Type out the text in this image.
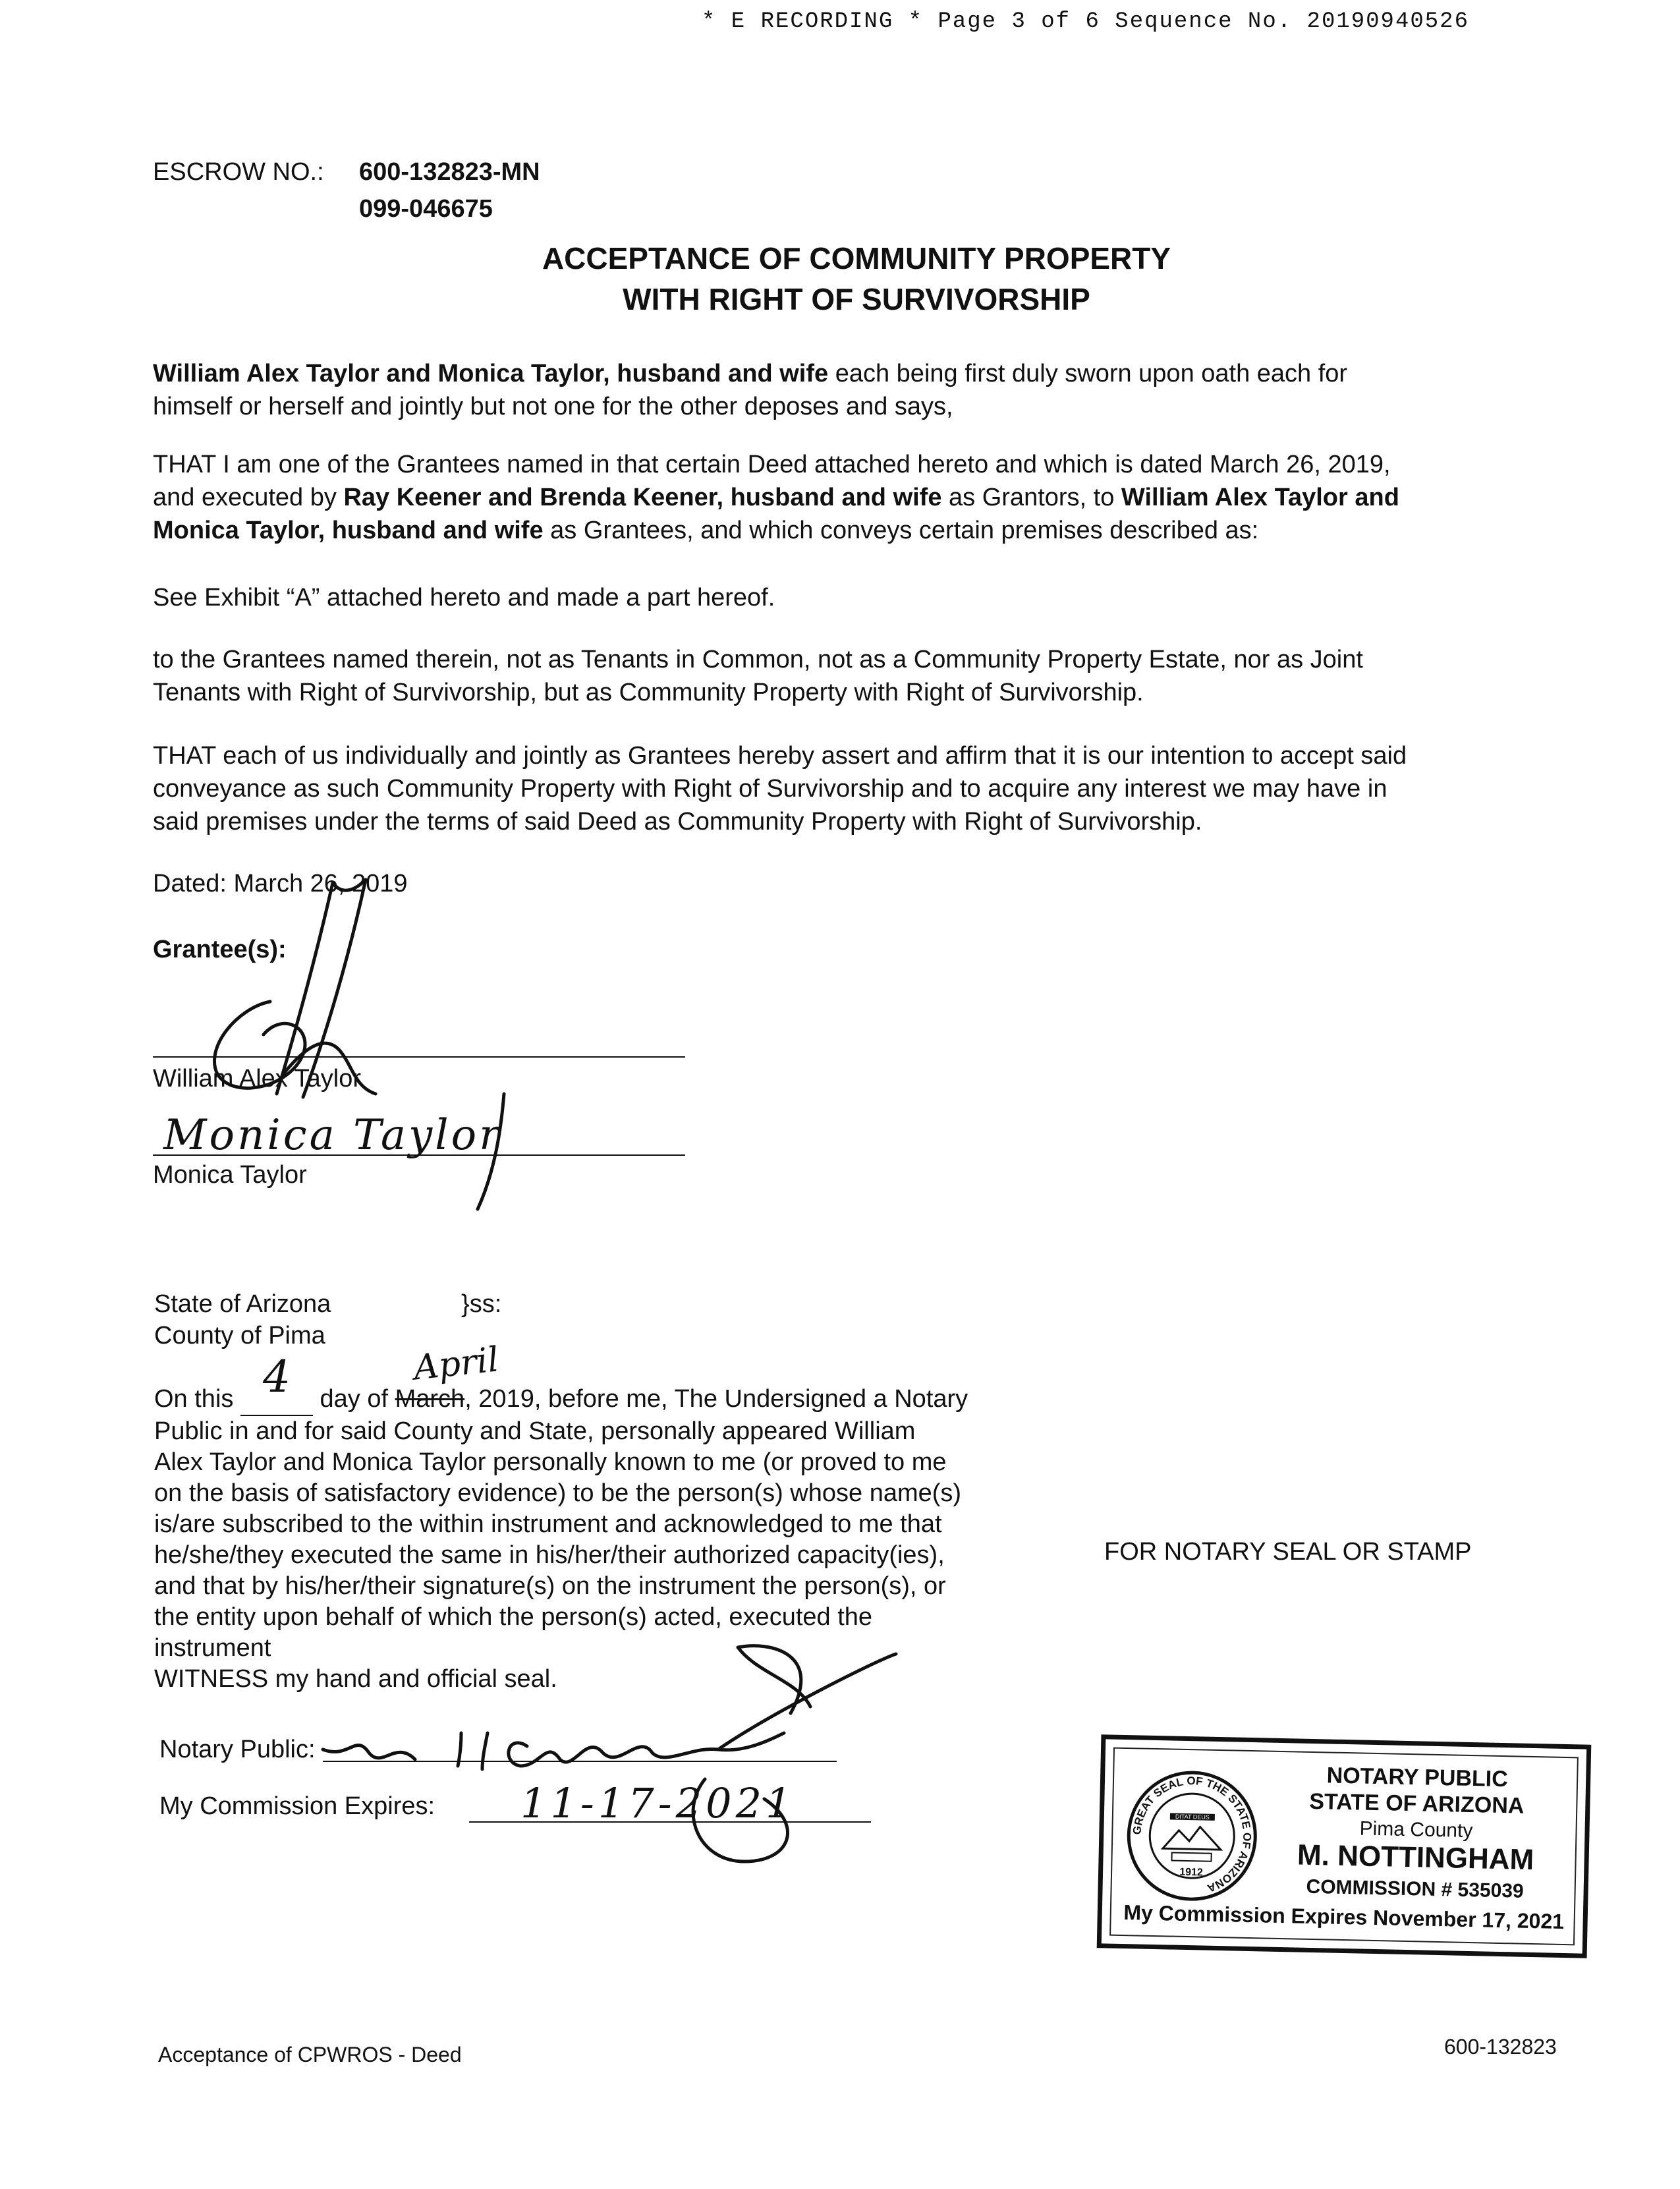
* E RECORDING * Page 3 of 6 Sequence No. 20190940526
ESCROW NO.: 600-132823-MN
099-046675
ACCEPTANCE OF COMMUNITY PROPERTY
WITH RIGHT OF SURVIVORSHIP
William Alex Taylor and Monica Taylor, husband and wife each being first duly sworn upon oath each for
himself or herself and jointly but not one for the other deposes and says,
THAT I am one of the Grantees named in that certain Deed attached hereto and which is dated March 26, 2019,
and executed by Ray Keener and Brenda Keener, husband and wife as Grantors, to William Alex Taylor and
Monica Taylor, husband and wife as Grantees, and which conveys certain premises described as:
See Exhibit “A” attached hereto and made a part hereof.
to the Grantees named therein, not as Tenants in Common, not as a Community Property Estate, nor as Joint
Tenants with Right of Survivorship, but as Community Property with Right of Survivorship.
THAT each of us individually and jointly as Grantees hereby assert and affirm that it is our intention to accept said
conveyance as such Community Property with Right of Survivorship and to acquire any interest we may have in
said premises under the terms of said Deed as Community Property with Right of Survivorship.
Dated: March 26, 2019
Grantee(s):
William Alex Taylor
Monica Taylor
Monica Taylor
State of Arizona	}ss:
County of Pima
April
On this 4	day of March, 2019, before me, The Undersigned a Notary
Public in and for said County and State, personally appeared William
Alex Taylor and Monica Taylor personally known to me (or proved to me
on the basis of satisfactory evidence) to be the person(s) whose name(s)
is/are subscribed to the within instrument and acknowledged to me that
he/she/they executed the same in his/her/their authorized capacity(ies),
and that by his/her/their signature(s) on the instrument the person(s), or
the entity upon behalf of which the person(s) acted, executed the
instrument
WITNESS my hand and official seal.
Notary Public:
My Commission Expires: 11-17-2021
FOR NOTARY SEAL OR STAMP
GREAT SEAL OF THE STATE OF ARIZONA
DITAT DEUS
1912
NOTARY PUBLIC
STATE OF ARIZONA
Pima County
M. NOTTINGHAM
COMMISSION # 535039
My Commission Expires November 17, 2021
Acceptance of CPWROS - Deed	600-132823
